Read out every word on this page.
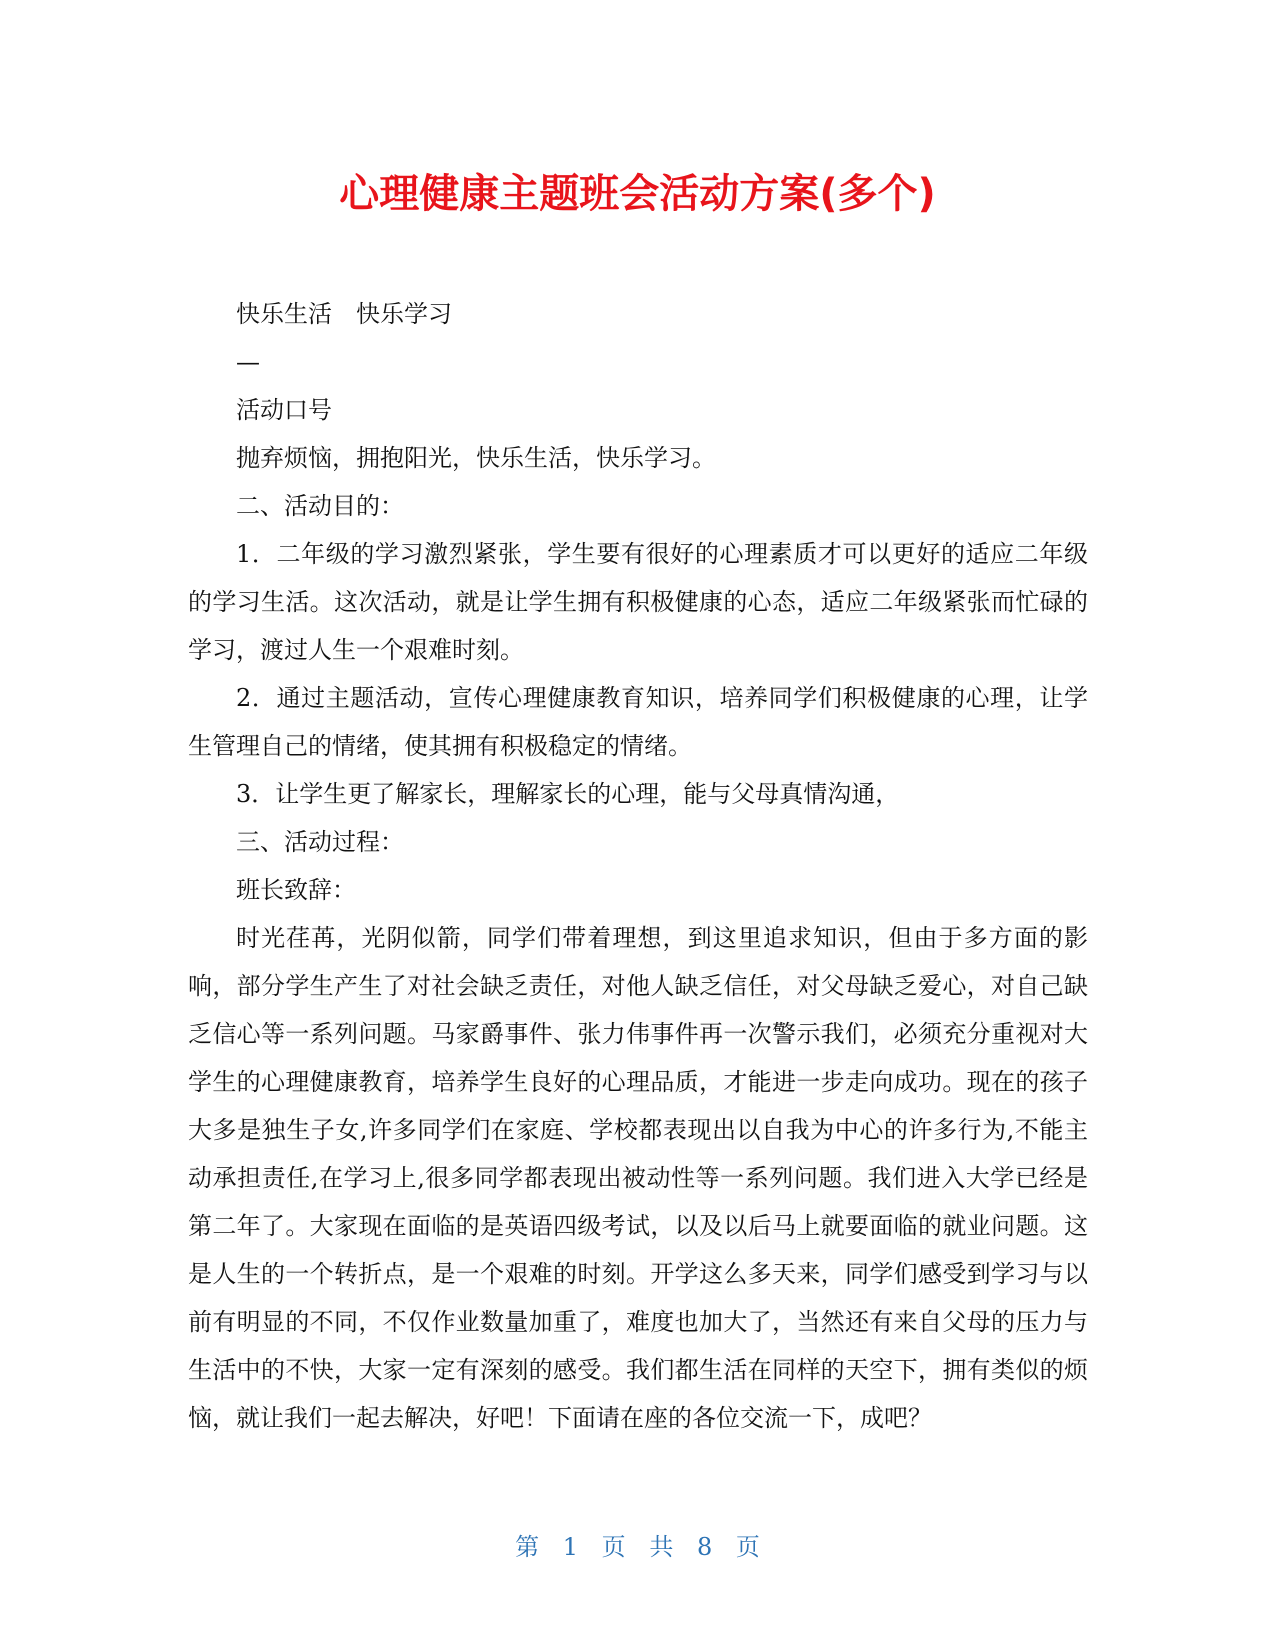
心理健康主题班会活动方案(多个)

快乐生活　快乐学习

—

活动口号

抛弃烦恼，拥抱阳光，快乐生活，快乐学习。

二、活动目的：

1．二年级的学习激烈紧张，学生要有很好的心理素质才可以更好的适应二年级的学习生活。这次活动，就是让学生拥有积极健康的心态，适应二年级紧张而忙碌的学习，渡过人生一个艰难时刻。

2．通过主题活动，宣传心理健康教育知识，培养同学们积极健康的心理，让学生管理自己的情绪，使其拥有积极稳定的情绪。

3．让学生更了解家长，理解家长的心理，能与父母真情沟通，

三、活动过程：

班长致辞：

时光荏苒，光阴似箭，同学们带着理想，到这里追求知识，但由于多方面的影响，部分学生产生了对社会缺乏责任，对他人缺乏信任，对父母缺乏爱心，对自己缺乏信心等一系列问题。马家爵事件、张力伟事件再一次警示我们，必须充分重视对大学生的心理健康教育，培养学生良好的心理品质，才能进一步走向成功。现在的孩子大多是独生子女,许多同学们在家庭、学校都表现出以自我为中心的许多行为,不能主动承担责任,在学习上,很多同学都表现出被动性等一系列问题。我们进入大学已经是第二年了。大家现在面临的是英语四级考试，以及以后马上就要面临的就业问题。这是人生的一个转折点，是一个艰难的时刻。开学这么多天来，同学们感受到学习与以前有明显的不同，不仅作业数量加重了，难度也加大了，当然还有来自父母的压力与生活中的不快，大家一定有深刻的感受。我们都生活在同样的天空下，拥有类似的烦恼，就让我们一起去解决，好吧！下面请在座的各位交流一下，成吧？

第 1 页 共 8 页
